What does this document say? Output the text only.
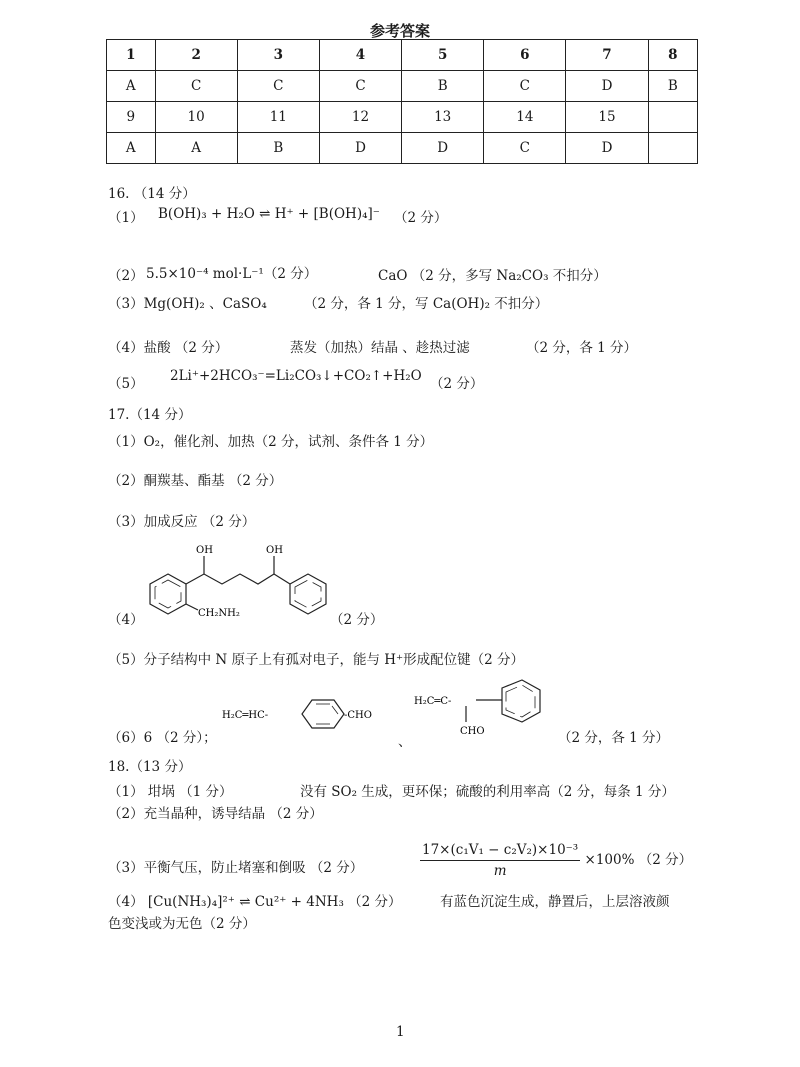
参考答案
1	2	3	4	5	6	7	8
A	C	C	C	B	C	D	B
9	10	11	12	13	14	15	
A	A	B	D	D	C	D	
16. （14 分）
（1） B(OH)₃ + H₂O ⇌ H⁺ + [B(OH)₄]⁻ （2 分）
（2） 5.5×10⁻⁴ mol·L⁻¹（2 分）	CaO （2 分，多写 Na₂CO₃ 不扣分）
（3）Mg(OH)₂ 、CaSO₄	（2 分，各 1 分，写 Ca(OH)₂ 不扣分）
（4）盐酸 （2 分）	蒸发（加热）结晶 、趁热过滤	（2 分，各 1 分）
（5） 2Li⁺+2HCO₃⁻=Li₂CO₃↓+CO₂↑+H₂O （2 分）
17.（14 分）
（1）O₂，催化剂、加热（2 分，试剂、条件各 1 分）
（2）酮羰基、酯基 （2 分）
（3）加成反应 （2 分）
（4）
OH	OH
CH₂NH₂	（2 分）
（5）分子结构中 N 原子上有孤对电子，能与 H⁺形成配位键（2 分）
（6）6 （2 分）；
H₂C═HC-	-CHO
、
H₂C═C-
CHO	（2 分，各 1 分）
18.（13 分）
（1） 坩埚 （1 分）	没有 SO₂ 生成，更环保；硫酸的利用率高（2 分，每条 1 分）
（2）充当晶种，诱导结晶 （2 分）
（3）平衡气压，防止堵塞和倒吸 （2 分）	$\frac{\text{17×(c₁V₁ − c₂V₂)×10⁻³}}{m} \times 100\%$ （2 分）
（4） [Cu(NH₃)₄]²⁺ ⇌ Cu²⁺ + 4NH₃ （2 分）	有蓝色沉淀生成，静置后，上层溶液颜
色变浅或为无色（2 分）
1
